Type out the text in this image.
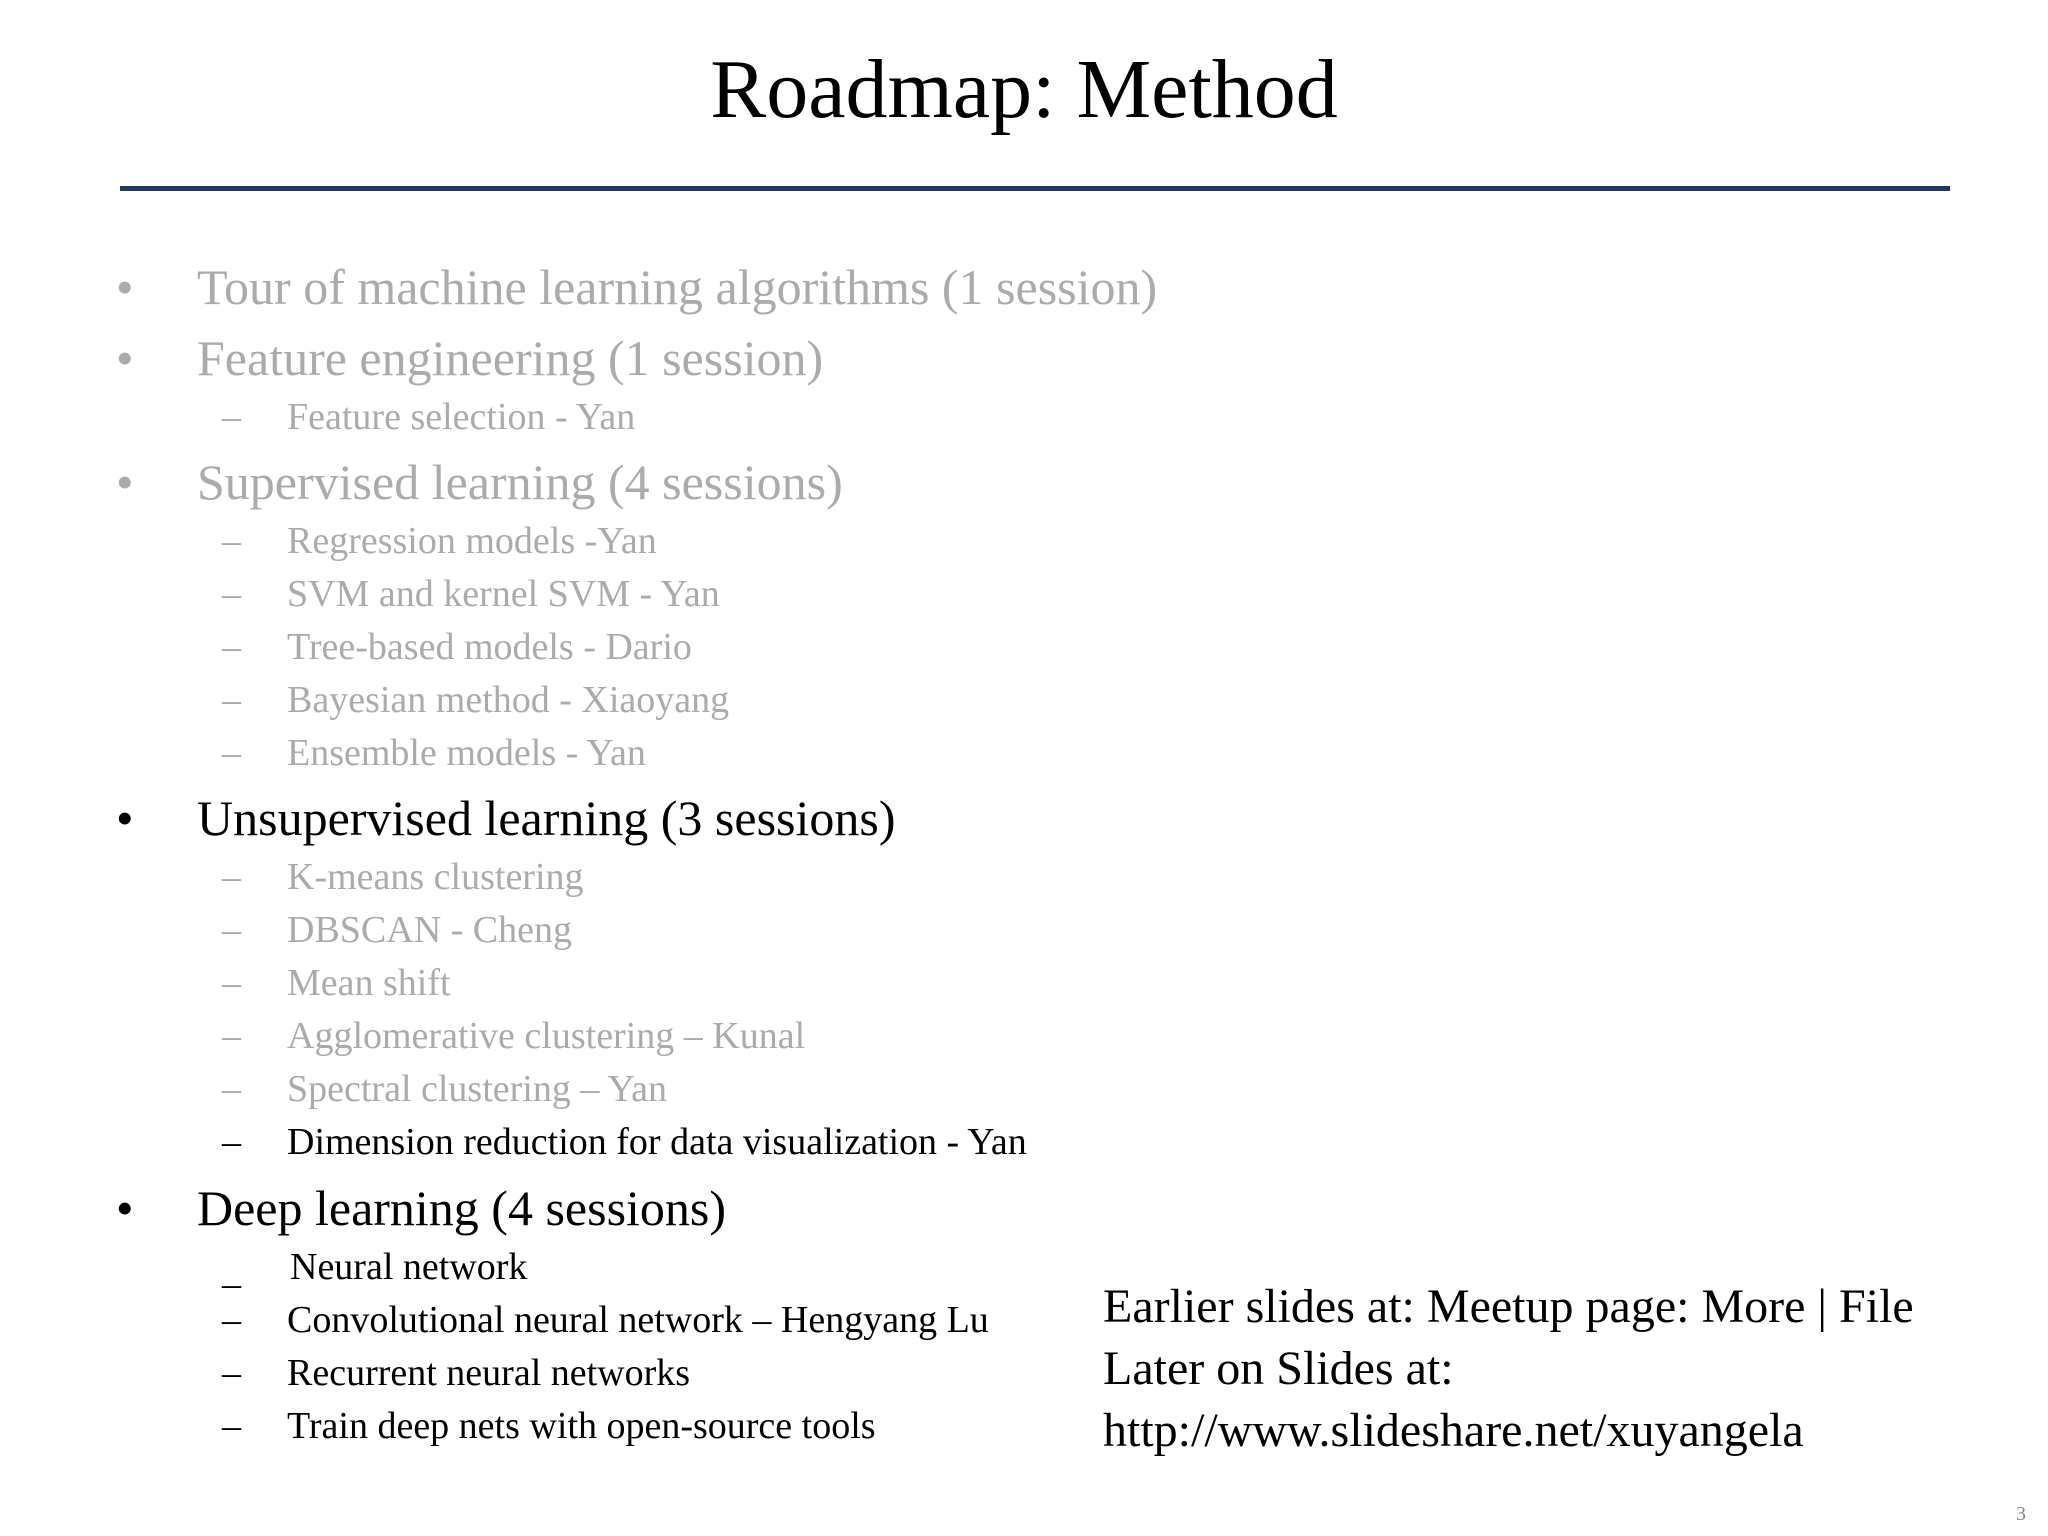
Roadmap: Method
• Tour of machine learning algorithms (1 session)
• Feature engineering (1 session)
– Feature selection - Yan
• Supervised learning (4 sessions)
– Regression models -Yan
– SVM and kernel SVM - Yan
– Tree-based models - Dario
– Bayesian method - Xiaoyang
– Ensemble models - Yan
• Unsupervised learning (3 sessions)
– K-means clustering
– DBSCAN - Cheng
– Mean shift
– Agglomerative clustering – Kunal
– Spectral clustering – Yan
– Dimension reduction for data visualization - Yan
• Deep learning (4 sessions)
_ Neural network
– Convolutional neural network – Hengyang Lu
– Recurrent neural networks
– Train deep nets with open-source tools
Earlier slides at: Meetup page: More | File
Later on Slides at:
http://www.slideshare.net/xuyangela
3
